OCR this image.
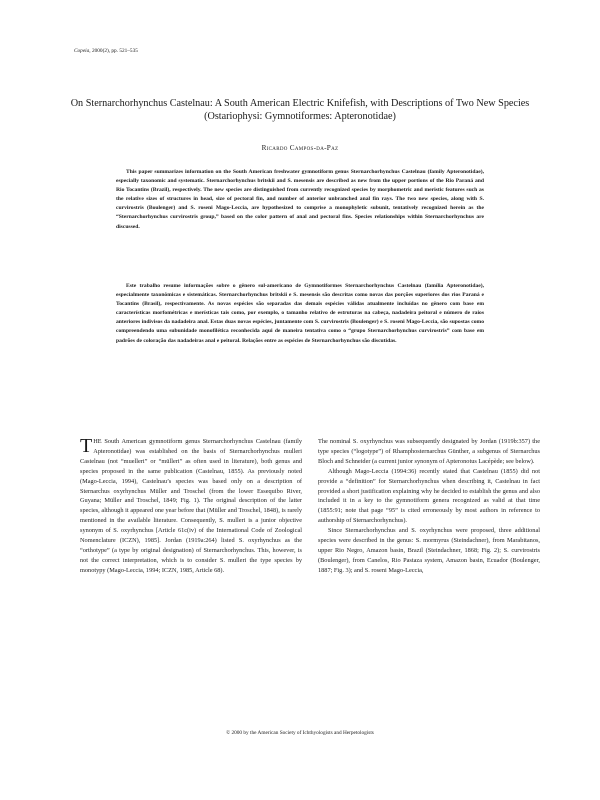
Copeia, 2000(2), pp. 521–535
On Sternarchorhynchus Castelnau: A South American Electric Knifefish, with Descriptions of Two New Species (Ostariophysi: Gymnotiformes: Apteronotidae)
Ricardo Campos-da-Paz
This paper summarizes information on the South American freshwater gymnotiform genus Sternarchorhynchus Castelnau (family Apteronotidae), especially taxonomic and systematic. Sternarchorhynchus britskii and S. mesensis are described as new from the upper portions of the Rio Paraná and Rio Tocantins (Brazil), respectively. The new species are distinguished from currently recognized species by morphometric and meristic features such as the relative sizes of structures in head, size of pectoral fin, and number of anterior unbranched anal fin rays. The two new species, along with S. curvirostris (Boulenger) and S. roseni Mago-Leccia, are hypothesized to comprise a monophyletic subunit, tentatively recognized herein as the “Sternarchorhynchus curvirostris group,” based on the color pattern of anal and pectoral fins. Species relationships within Sternarchorhynchus are discussed.
Este trabalho resume informações sobre o gênero sul-americano de Gymnotiformes Sternarchorhynchus Castelnau (família Apteronotidae), especialmente taxonômicas e sistemáticas. Sternarchorhynchus britskii e S. mesensis são descritas como novas das porções superiores dos rios Paraná e Tocantins (Brasil), respectivamente. As novas espécies são separadas das demais espécies válidas atualmente incluídas no gênero com base em características morfométricas e merísticas tais como, por exemplo, o tamanho relativo de estruturas na cabeça, nadadeira peitoral e número de raios anteriores indivisos da nadadeira anal. Estas duas novas espécies, juntamente com S. curvirostris (Boulenger) e S. roseni Mago-Leccia, são supostas como compreendendo uma subunidade monofilética reconhecida aqui de maneira tentativa como o “grupo Sternarchorhynchus curvirostris” com base em padrões de coloração das nadadeiras anal e peitoral. Relações entre as espécies de Sternarchorhynchus são discutidas.

THE South American gymnotiform genus Sternarchorhynchus Castelnau (family Apteronotidae) was established on the basis of Sternarchorhynchus mulleri Castelnau (not “muelleri” or “mülleri” as often used in literature), both genus and species proposed in the same publication (Castelnau, 1855). As previously noted (Mago-Leccia, 1994), Castelnau’s species was based only on a description of Sternarchus oxyrhynchus Müller and Troschel (from the lower Essequibo River, Guyana; Müller and Troschel, 1849; Fig. 1). The original description of the latter species, although it appeared one year before that (Müller and Troschel, 1848), is rarely mentioned in the available literature. Consequently, S. mulleri is a junior objective synonym of S. oxyrhynchus [Article 61c(iv) of the International Code of Zoological Nomenclature (ICZN), 1985]. Jordan (1919a:264) listed S. oxyrhynchus as the “orthotype” (a type by original designation) of Sternarchorhynchus. This, however, is not the correct interpretation, which is to consider S. mulleri the type species by monotypy (Mago-Leccia, 1994; ICZN, 1985, Article 68).

The nominal S. oxyrhynchus was subsequently designated by Jordan (1919b:357) the type species (“logotype”) of Rhamphosternarchus Günther, a subgenus of Sternarchus Bloch and Schneider (a current junior synonym of Apteronotus Lacépède; see below).

Although Mago-Leccia (1994:36) recently stated that Castelnau (1855) did not provide a “definition” for Sternarchorhynchus when describing it, Castelnau in fact provided a short justification explaining why he decided to establish the genus and also included it in a key to the gymnotiform genera recognized as valid at that time (1855:91; note that page “95” is cited erroneously by most authors in reference to authorship of Sternarchorhynchus).

Since Sternarchorhynchus and S. oxyrhynchus were proposed, three additional species were described in the genus: S. mormyrus (Steindachner), from Marabitanos, upper Rio Negro, Amazon basin, Brazil (Steindachner, 1868; Fig. 2); S. curvirostris (Boulenger), from Canelos, Rio Pastaza system, Amazon basin, Ecuador (Boulenger, 1887; Fig. 3); and S. roseni Mago-Leccia,

© 2000 by the American Society of Ichthyologists and Herpetologists
